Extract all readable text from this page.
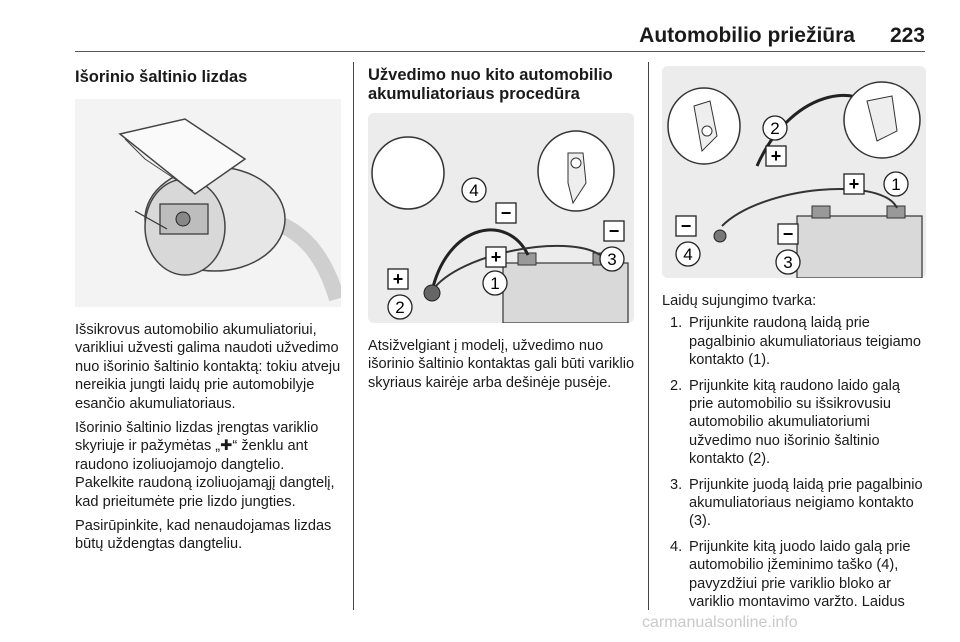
Automobilio priežiūra 223
Išorinio šaltinio lizdas

Išsikrovus automobilio akumuliatoriui, varikliui užvesti galima naudoti užvedimo nuo išorinio šaltinio kontaktą: tokiu atveju nereikia jungti laidų prie automobilyje esančio akumuliatoriaus.

Išorinio šaltinio lizdas įrengtas variklio skyriuje ir pažymėtas „✚“ ženklu ant raudono izoliuojamojo dangtelio. Pakelkite raudoną izoliuojamąjį dangtelį, kad prieitumėte prie lizdo jungties.

Pasirūpinkite, kad nenaudojamas lizdas būtų uždengtas dangteliu.

Užvedimo nuo kito automobilio akumuliatoriaus procedūra
4
−
−
+	3
1
+
2

Atsižvelgiant į modelį, užvedimo nuo išorinio šaltinio kontaktas gali būti variklio skyriaus kairėje arba dešinėje pusėje.

2
+
+ 1
−	−
4	3

Laidų sujungimo tvarka:

1. Prijunkite raudoną laidą prie pagalbinio akumuliatoriaus teigiamo kontakto (1).
2. Prijunkite kitą raudono laido galą prie automobilio su išsikrovusiu automobilio akumuliatoriumi užvedimo nuo išorinio šaltinio kontakto (2).
3. Prijunkite juodą laidą prie pagalbinio akumuliatoriaus neigiamo kontakto (3).
4. Prijunkite kitą juodo laido galą prie automobilio įžeminimo taško (4), pavyzdžiui prie variklio bloko ar variklio montavimo varžto. Laidus
carmanualsonline.info
